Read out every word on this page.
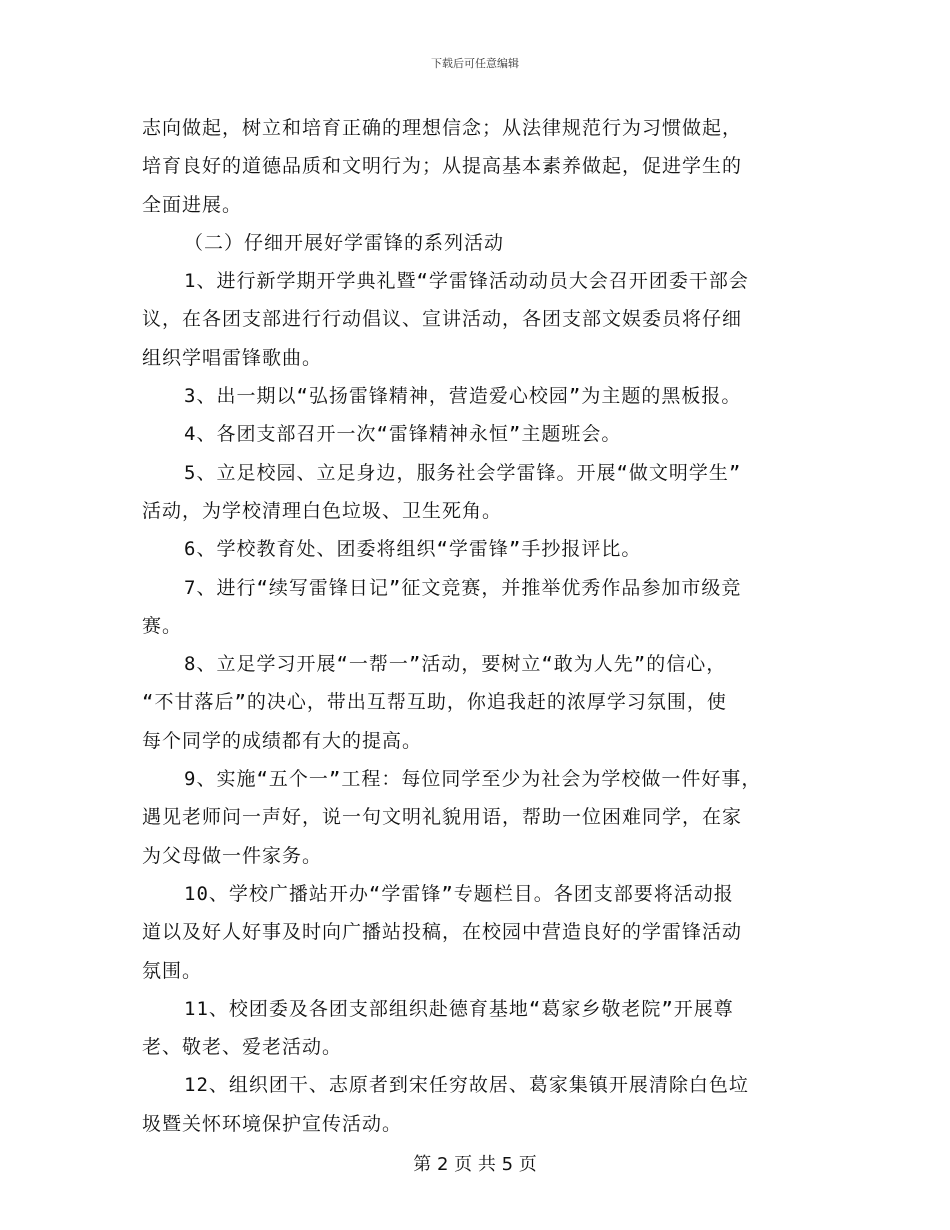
下载后可任意编辑
志向做起，树立和培育正确的理想信念；从法律规范行为习惯做起，
培育良好的道德品质和文明行为；从提高基本素养做起，促进学生的
全面进展。
（二）仔细开展好学雷锋的系列活动
1、进行新学期开学典礼暨“学雷锋活动动员大会召开团委干部会
议，在各团支部进行行动倡议、宣讲活动，各团支部文娱委员将仔细
组织学唱雷锋歌曲。
3、出一期以“弘扬雷锋精神，营造爱心校园”为主题的黑板报。
4、各团支部召开一次“雷锋精神永恒”主题班会。
5、立足校园、立足身边，服务社会学雷锋。开展“做文明学生”
活动，为学校清理白色垃圾、卫生死角。
6、学校教育处、团委将组织“学雷锋”手抄报评比。
7、进行“续写雷锋日记”征文竞赛，并推举优秀作品参加市级竞
赛。
8、立足学习开展“一帮一”活动，要树立“敢为人先”的信心，
“不甘落后”的决心，带出互帮互助，你追我赶的浓厚学习氛围，使
每个同学的成绩都有大的提高。
9、实施“五个一”工程：每位同学至少为社会为学校做一件好事，
遇见老师问一声好，说一句文明礼貌用语，帮助一位困难同学，在家
为父母做一件家务。
10、学校广播站开办“学雷锋”专题栏目。各团支部要将活动报
道以及好人好事及时向广播站投稿，在校园中营造良好的学雷锋活动
氛围。
11、校团委及各团支部组织赴德育基地“葛家乡敬老院”开展尊
老、敬老、爱老活动。
12、组织团干、志原者到宋任穷故居、葛家集镇开展清除白色垃
圾暨关怀环境保护宣传活动。
第 2 页 共 5 页
